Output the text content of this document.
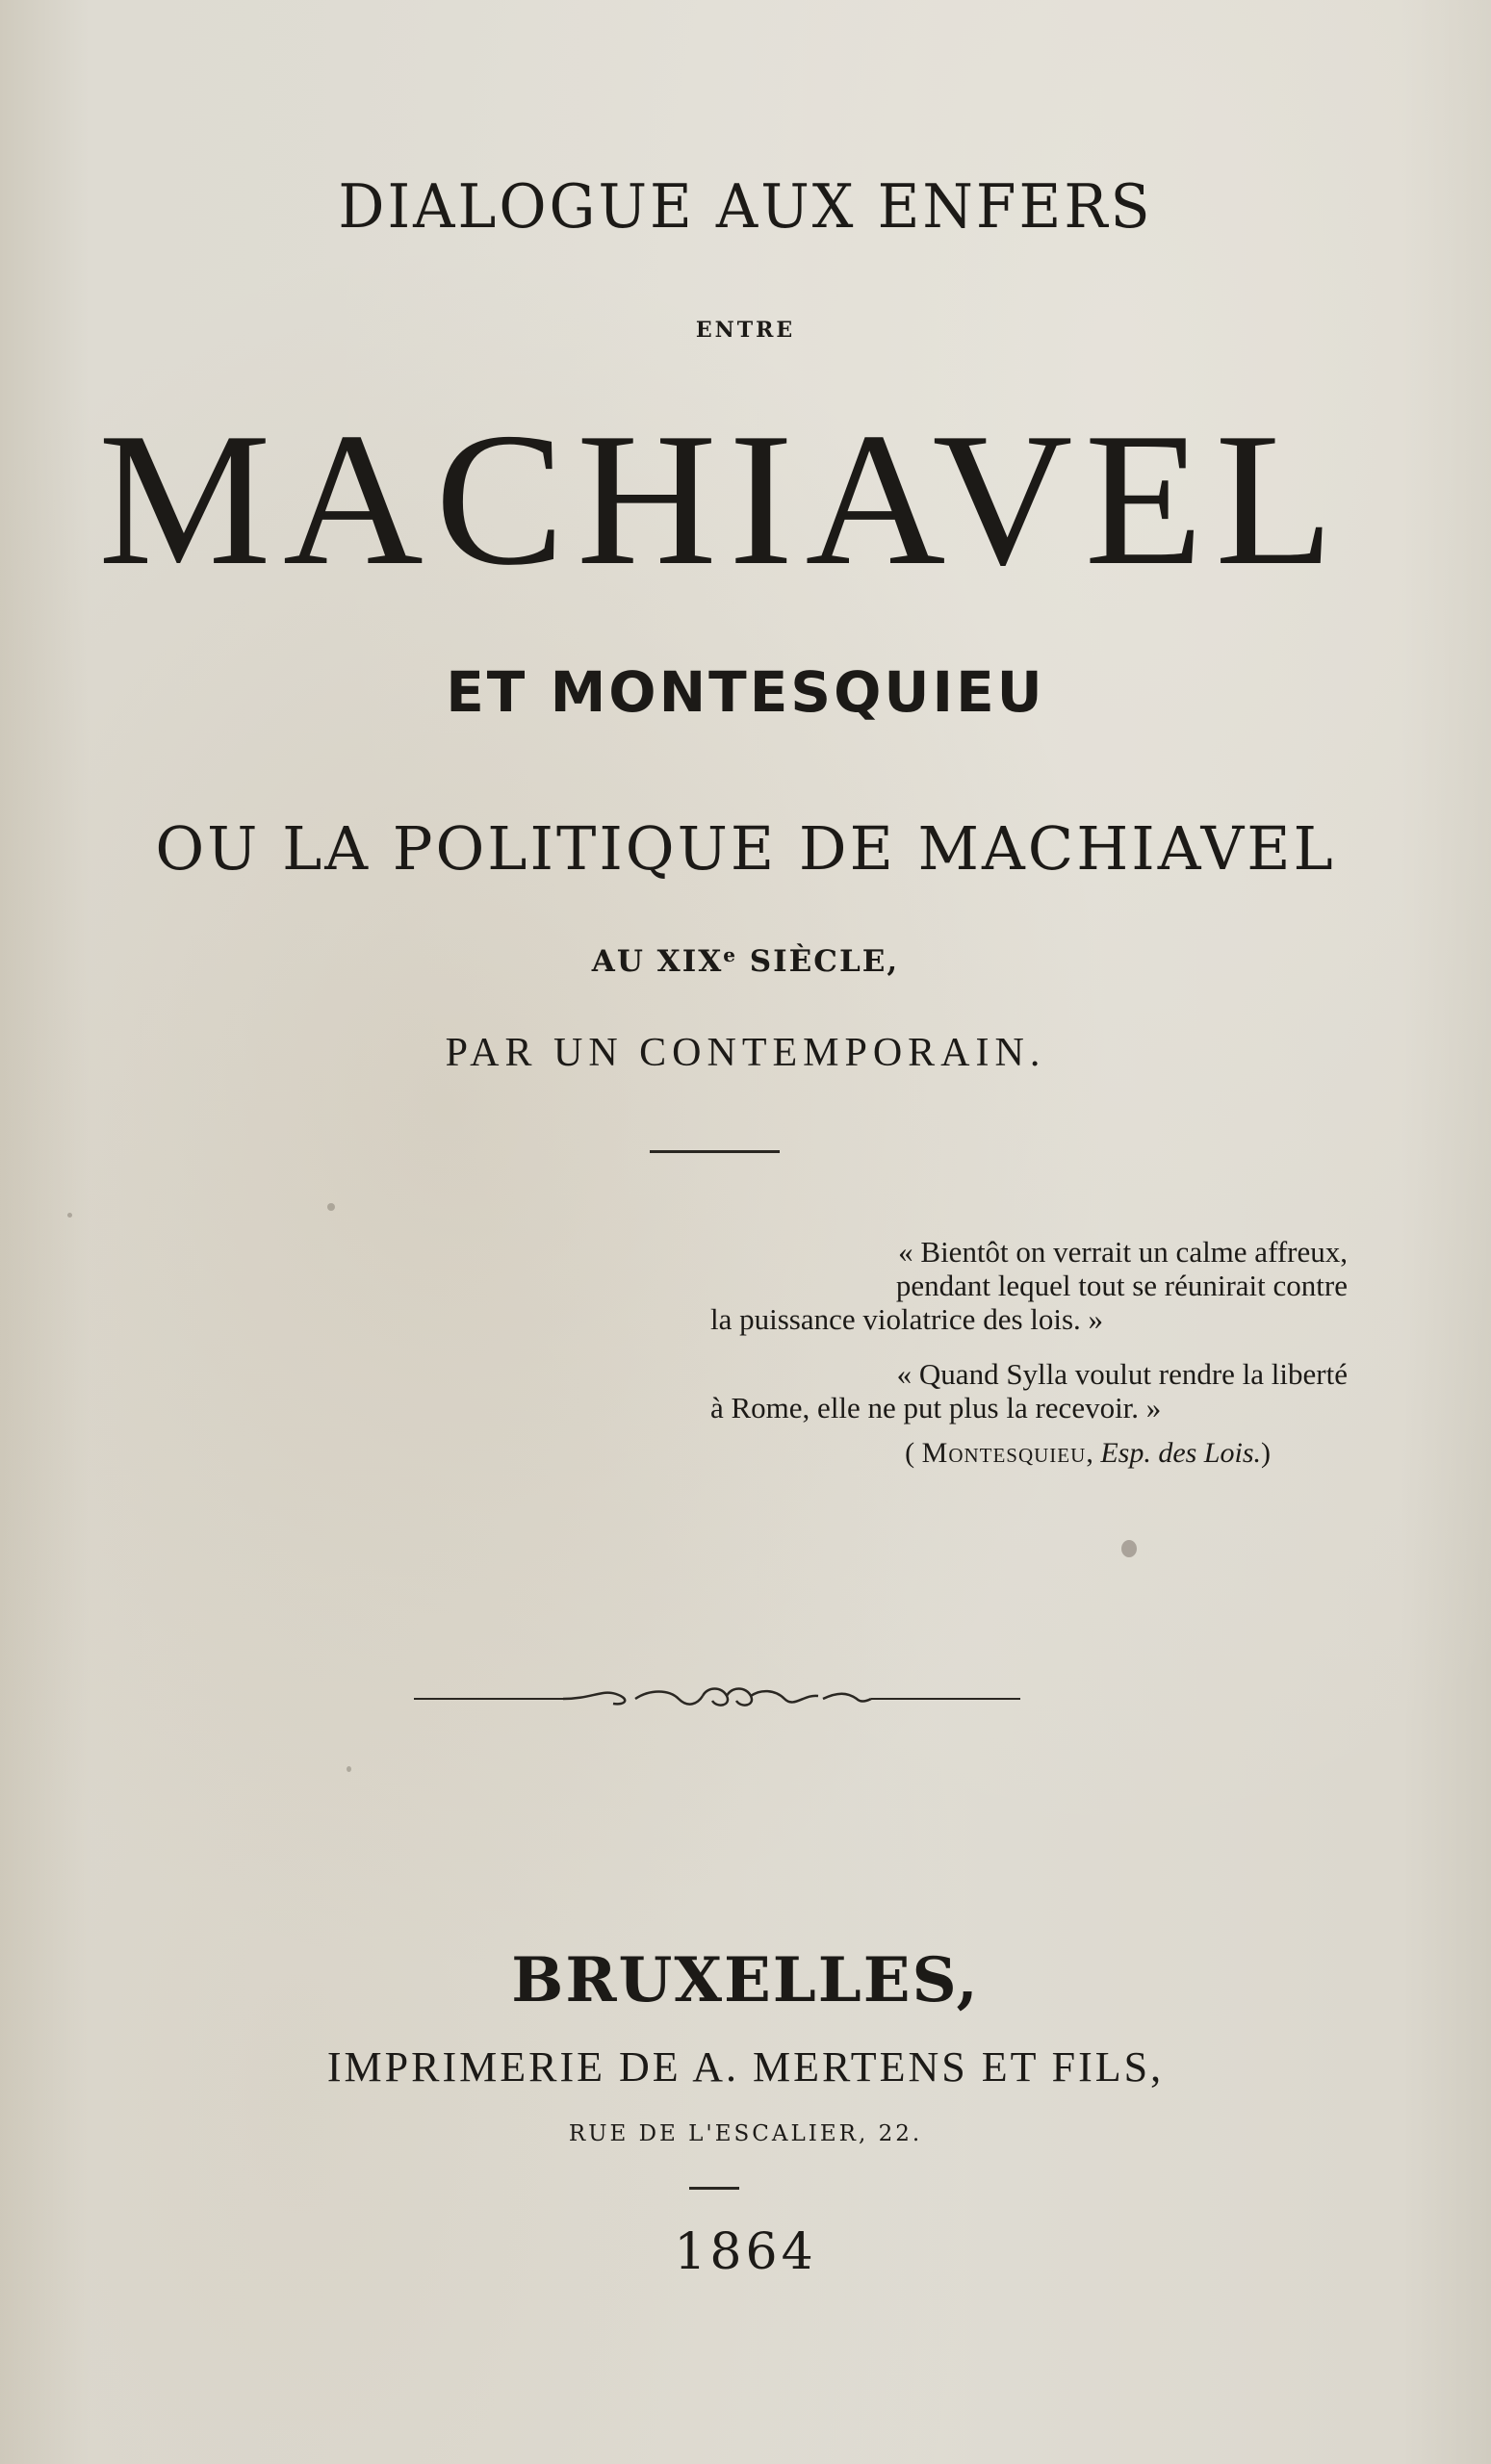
DIALOGUE AUX ENFERS
ENTRE
MACHIAVEL
ET MONTESQUIEU
OU LA POLITIQUE DE MACHIAVEL
AU XIXe SIÈCLE,
PAR UN CONTEMPORAIN.
« Bientôt on verrait un calme affreux,
pendant lequel tout se réunirait contre
la puissance violatrice des lois. »
« Quand Sylla voulut rendre la liberté
à Rome, elle ne put plus la recevoir. »
( Montesquieu, Esp. des Lois.)
BRUXELLES,
IMPRIMERIE DE A. MERTENS ET FILS,
RUE DE L'ESCALIER, 22.
1864
